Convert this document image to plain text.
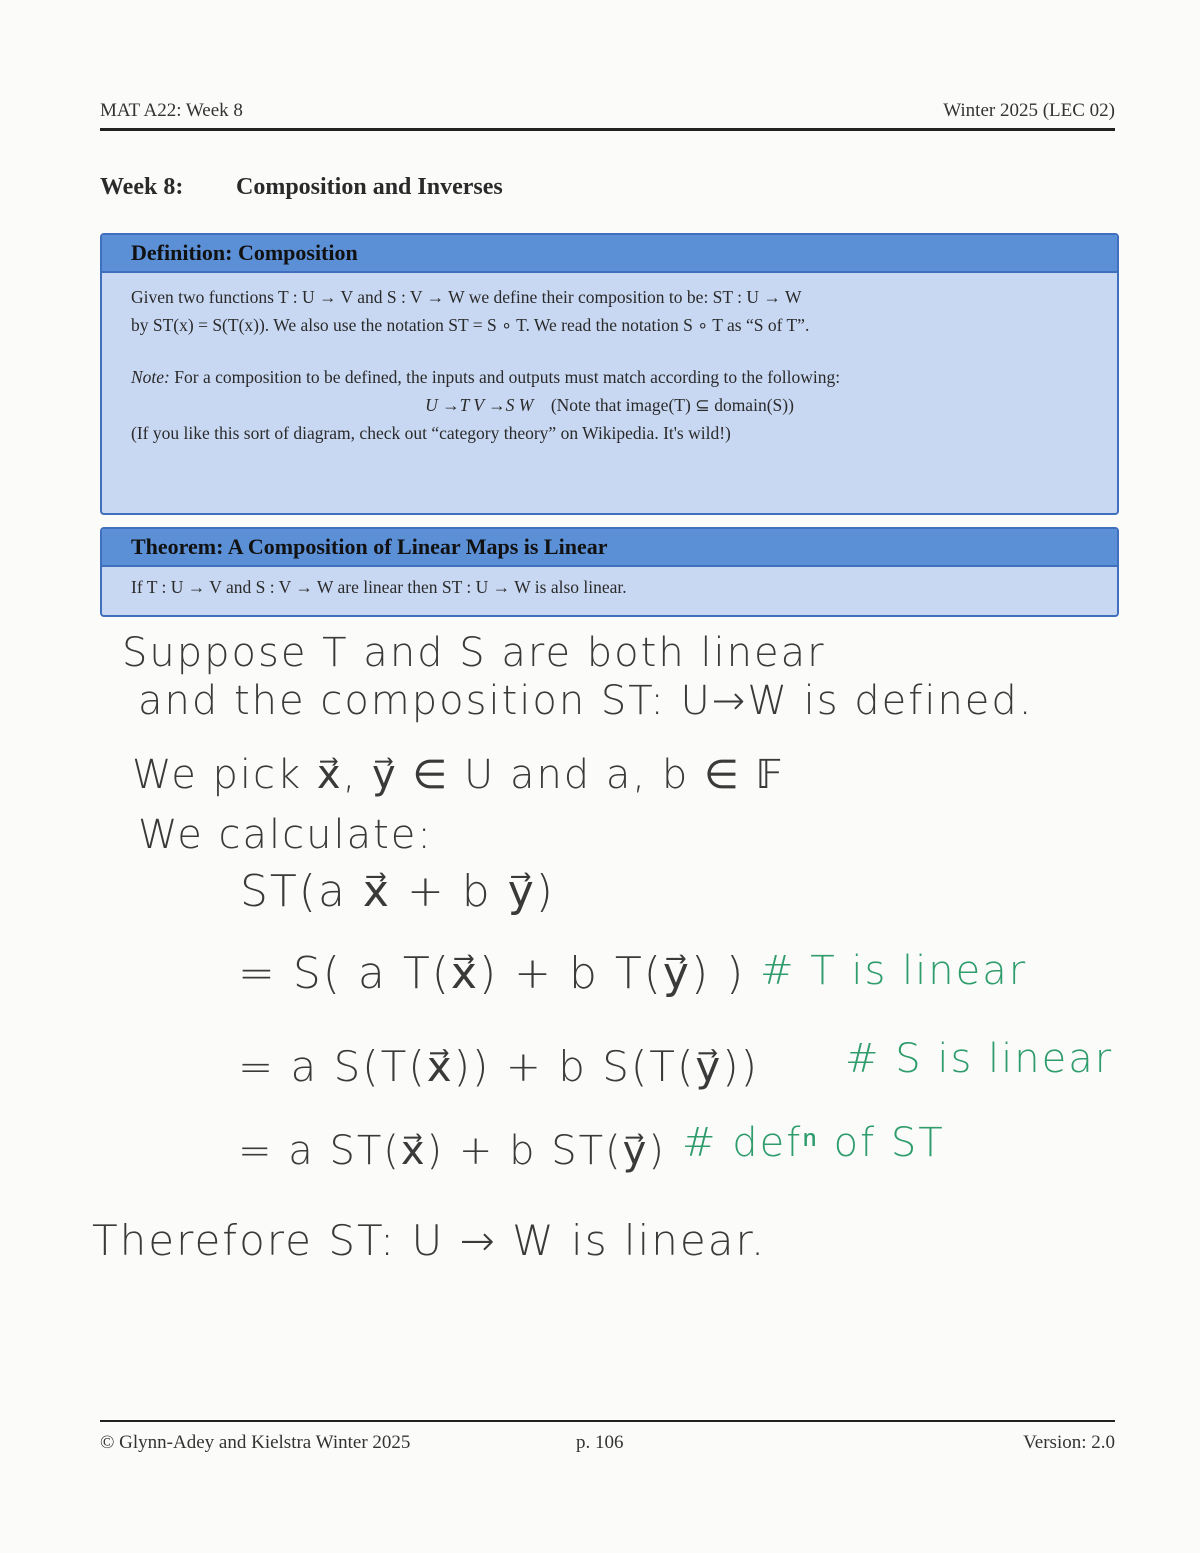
MAT A22: Week 8	Winter 2025 (LEC 02)
Week 8: Composition and Inverses
Definition: Composition

Given two functions T : U → V and S : V → W we define their composition to be: ST : U → W

by ST(x) = S(T(x)). We also use the notation ST = S ∘ T. We read the notation S ∘ T as “S of T”.

Note: For a composition to be defined, the inputs and outputs must match according to the following:

U →T V →S W (Note that image(T) ⊆ domain(S))

(If you like this sort of diagram, check out “category theory” on Wikipedia. It's wild!)

Theorem: A Composition of Linear Maps is Linear

If T : U → V and S : V → W are linear then ST : U → W is also linear.

Suppose T and S are both linear
and the composition ST: U→W is defined.
We pick x⃗, y⃗ ∈ U and a, b ∈ 𝔽
We calculate:
ST(a x⃗ + b y⃗)
= S( a T(x⃗) + b T(y⃗) ) # T is linear
= a S(T(x⃗)) + b S(T(y⃗)) # S is linear
= a ST(x⃗) + b ST(y⃗) # defⁿ of ST
Therefore ST: U → W is linear.
© Glynn-Adey and Kielstra Winter 2025	p. 106	Version: 2.0
